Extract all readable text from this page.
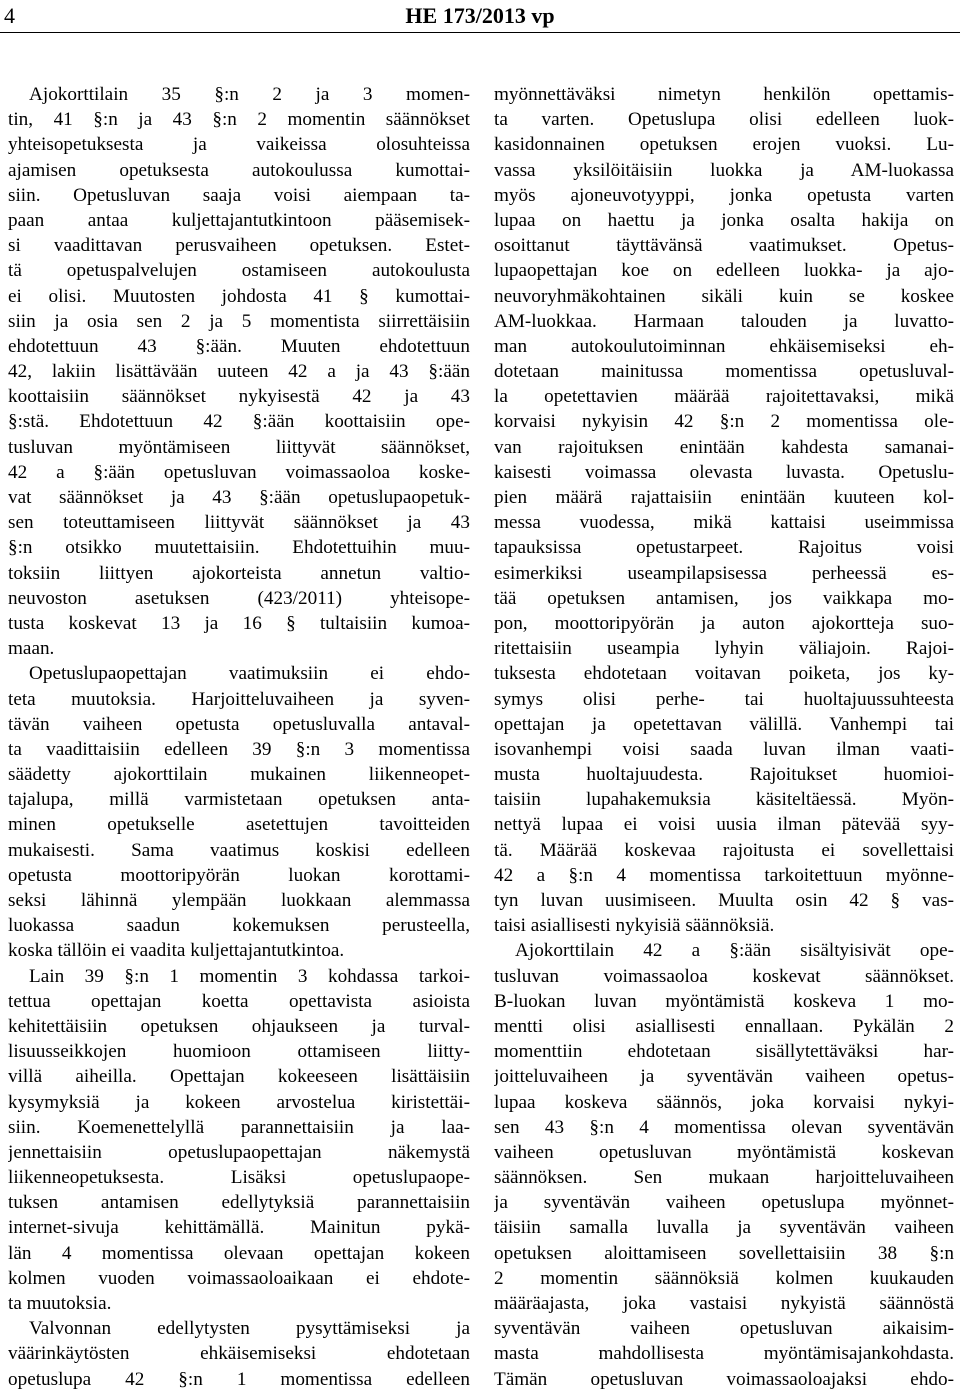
4	HE 173/2013 vp
Ajokorttilain 35 §:n 2 ja 3 momen-
tin, 41 §:n ja 43 §:n 2 momentin säännökset
yhteisopetuksesta ja vaikeissa olosuhteissa
ajamisen opetuksesta autokoulussa kumottai-
siin. Opetusluvan saaja voisi aiempaan ta-
paan antaa kuljettajantutkintoon pääsemisek-
si vaadittavan perusvaiheen opetuksen. Estet-
tä opetuspalvelujen ostamiseen autokoulusta
ei olisi. Muutosten johdosta 41 § kumottai-
siin ja osia sen 2 ja 5 momentista siirrettäisiin
ehdotettuun 43 §:ään. Muuten ehdotettuun
42, lakiin lisättävään uuteen 42 a ja 43 §:ään
koottaisiin säännökset nykyisestä 42 ja 43
§:stä. Ehdotettuun 42 §:ään koottaisiin ope-
tusluvan myöntämiseen liittyvät säännökset,
42 a §:ään opetusluvan voimassaoloa koske-
vat säännökset ja 43 §:ään opetuslupaopetuk-
sen toteuttamiseen liittyvät säännökset ja 43
§:n otsikko muutettaisiin. Ehdotettuihin muu-
toksiin liittyen ajokorteista annetun valtio-
neuvoston asetuksen (423/2011) yhteisope-
tusta koskevat 13 ja 16 § tultaisiin kumoa-
maan.
Opetuslupaopettajan vaatimuksiin ei ehdo-
teta muutoksia. Harjoitteluvaiheen ja syven-
tävän vaiheen opetusta opetusluvalla antaval-
ta vaadittaisiin edelleen 39 §:n 3 momentissa
säädetty ajokorttilain mukainen liikenneopet-
tajalupa, millä varmistetaan opetuksen anta-
minen opetukselle asetettujen tavoitteiden
mukaisesti. Sama vaatimus koskisi edelleen
opetusta moottoripyörän luokan korottami-
seksi lähinnä ylempään luokkaan alemmassa
luokassa saadun kokemuksen perusteella,
koska tällöin ei vaadita kuljettajantutkintoa.
Lain 39 §:n 1 momentin 3 kohdassa tarkoi-
tettua opettajan koetta opettavista asioista
kehitettäisiin opetuksen ohjaukseen ja turval-
lisuusseikkojen huomioon ottamiseen liitty-
villä aiheilla. Opettajan kokeeseen lisättäisiin
kysymyksiä ja kokeen arvostelua kiristettäi-
siin. Koemenettelyllä parannettaisiin ja laa-
jennettaisiin opetuslupaopettajan näkemystä
liikenneopetuksesta. Lisäksi opetuslupaope-
tuksen antamisen edellytyksiä parannettaisiin
internet-sivuja kehittämällä. Mainitun pykä-
län 4 momentissa olevaan opettajan kokeen
kolmen vuoden voimassaoloaikaan ei ehdote-
ta muutoksia.
Valvonnan edellytysten pysyttämiseksi ja
väärinkäytösten ehkäisemiseksi ehdotetaan
opetuslupa 42 §:n 1 momentissa edelleen
myönnettäväksi nimetyn henkilön opettamis-
ta varten. Opetuslupa olisi edelleen luok-
kasidonnainen opetuksen erojen vuoksi. Lu-
vassa yksilöitäisiin luokka ja AM-luokassa
myös ajoneuvotyyppi, jonka opetusta varten
lupaa on haettu ja jonka osalta hakija on
osoittanut täyttävänsä vaatimukset. Opetus-
lupaopettajan koe on edelleen luokka- ja ajo-
neuvoryhmäkohtainen sikäli kuin se koskee
AM-luokkaa. Harmaan talouden ja luvatto-
man autokoulutoiminnan ehkäisemiseksi eh-
dotetaan mainitussa momentissa opetusluval-
la opetettavien määrää rajoitettavaksi, mikä
korvaisi nykyisin 42 §:n 2 momentissa ole-
van rajoituksen enintään kahdesta samanai-
kaisesti voimassa olevasta luvasta. Opetuslu-
pien määrä rajattaisiin enintään kuuteen kol-
messa vuodessa, mikä kattaisi useimmissa
tapauksissa opetustarpeet. Rajoitus voisi
esimerkiksi useampilapsisessa perheessä es-
tää opetuksen antamisen, jos vaikkapa mo-
pon, moottoripyörän ja auton ajokortteja suo-
ritettaisiin useampia lyhyin väliajoin. Rajoi-
tuksesta ehdotetaan voitavan poiketa, jos ky-
symys olisi perhe- tai huoltajuussuhteesta
opettajan ja opetettavan välillä. Vanhempi tai
isovanhempi voisi saada luvan ilman vaati-
musta huoltajuudesta. Rajoitukset huomioi-
taisiin lupahakemuksia käsiteltäessä. Myön-
nettyä lupaa ei voisi uusia ilman pätevää syy-
tä. Määrää koskevaa rajoitusta ei sovellettaisi
42 a §:n 4 momentissa tarkoitettuun myönne-
tyn luvan uusimiseen. Muulta osin 42 § vas-
taisi asiallisesti nykyisiä säännöksiä.
Ajokorttilain 42 a §:ään sisältyisivät ope-
tusluvan voimassaoloa koskevat säännökset.
B-luokan luvan myöntämistä koskeva 1 mo-
mentti olisi asiallisesti ennallaan. Pykälän 2
momenttiin ehdotetaan sisällytettäväksi har-
joitteluvaiheen ja syventävän vaiheen opetus-
lupaa koskeva säännös, joka korvaisi nykyi-
sen 43 §:n 4 momentissa olevan syventävän
vaiheen opetusluvan myöntämistä koskevan
säännöksen. Sen mukaan harjoitteluvaiheen
ja syventävän vaiheen opetuslupa myönnet-
täisiin samalla luvalla ja syventävän vaiheen
opetuksen aloittamiseen sovellettaisiin 38 §:n
2 momentin säännöksiä kolmen kuukauden
määräajasta, joka vastaisi nykyistä säännöstä
syventävän vaiheen opetusluvan aikaisim-
masta mahdollisesta myöntämisajankohdasta.
Tämän opetusluvan voimassaoloajaksi ehdo-
